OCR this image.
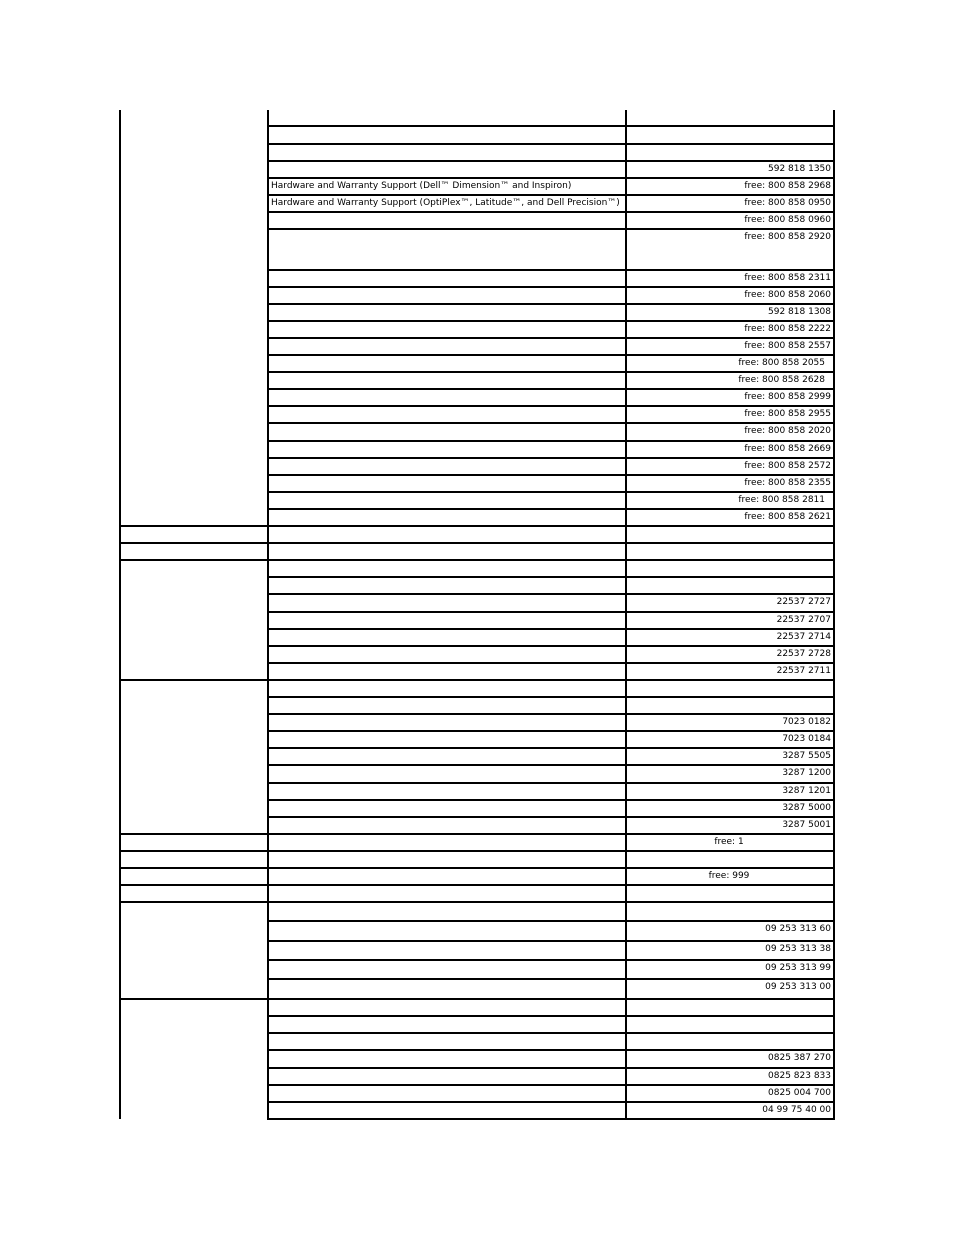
592 818 1350
Hardware and Warranty Support (Dell™ Dimension™ and Inspiron)	free: 800 858 2968
Hardware and Warranty Support (OptiPlex™, Latitude™, and Dell Precision™)	free: 800 858 0950
free: 800 858 0960
free: 800 858 2920
free: 800 858 2311
free: 800 858 2060
592 818 1308
free: 800 858 2222
free: 800 858 2557
free: 800 858 2055
free: 800 858 2628
free: 800 858 2999
free: 800 858 2955
free: 800 858 2020
free: 800 858 2669
free: 800 858 2572
free: 800 858 2355
free: 800 858 2811
free: 800 858 2621
22537 2727
22537 2707
22537 2714
22537 2728
22537 2711
7023 0182
7023 0184
3287 5505
3287 1200
3287 1201
3287 5000
3287 5001
free: 1
free: 999
09 253 313 60
09 253 313 38
09 253 313 99
09 253 313 00
0825 387 270
0825 823 833
0825 004 700
04 99 75 40 00
